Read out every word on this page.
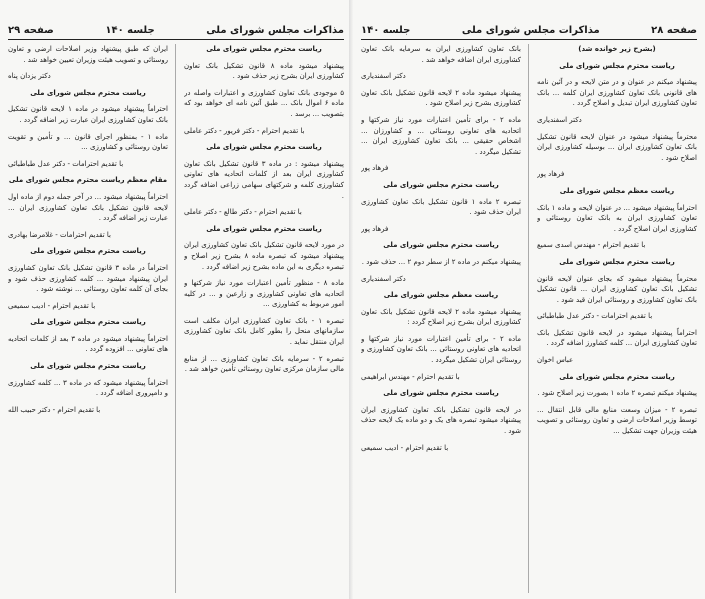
مذاکرات مجلس شورای ملی
جلسه ۱۴۰
صفحه ۲۹
ریاست محترم مجلس شورای ملی
پیشنهاد میشود ماده ۸ قانون تشکیل بانک تعاون کشاورزی ایران بشرح زیر حذف شود .
۵ موجودی بانک تعاون کشاورزی و اعتبارات واصله در ماده ۶ اموال بانک ... طبق آئین نامه ای خواهد بود که بتصویب ... برسد .
با تقدیم احترام - دکتر فریور - دکتر عاملی
ریاست محترم مجلس شورای ملی
پیشنهاد میشود : در ماده ۳ قانون تشکیل بانک تعاون کشاورزی ایران بعد از کلمات اتحادیه های تعاونی کشاورزی کلمه و شرکتهای سهامی زراعی اضافه گردد .
با تقدیم احترام - دکتر طالع - دکتر عاملی
ریاست محترم مجلس شورای ملی
در مورد لایحه قانون تشکیل بانک تعاون کشاورزی ایران پیشنهاد میشود که تبصره ماده ۸ بشرح زیر اصلاح و تبصره دیگری به این ماده بشرح زیر اضافه گردد .
ماده ۸ - منظور تأمین اعتبارات مورد نیاز شرکتها و اتحادیه های تعاونی کشاورزی و زارعین و ... در کلیه امور مربوط به کشاورزی ...
تبصره ۱ - بانک تعاون کشاورزی ایران مکلف است سازمانهای منحل را بطور کامل بانک تعاون کشاورزی ایران منتقل نماید .
تبصره ۲ - سرمایه بانک تعاون کشاورزی ... از منابع مالی سازمان مرکزی تعاون روستائی تأمین خواهد شد .
ایران که طبق پیشنهاد وزیر اصلاحات ارضی و تعاون روستائی و تصویب هیئت وزیران تعیین خواهد شد .
دکتر یزدان پناه
ریاست محترم مجلس شورای ملی
احتراماً پیشنهاد میشود در ماده ۱ لایحه قانون تشکیل بانک تعاون کشاورزی ایران عبارت زیر اضافه گردد .
ماده ۱ - بمنظور اجرای قانون ... و تأمین و تقویت تعاون روستائی و کشاورزی ...
با تقدیم احترامات - دکتر عدل طباطبائی
مقام معظم ریاست محترم مجلس شورای ملی
احتراماً پیشنهاد میشود ... در آخر جمله دوم از ماده اول لایحه قانون تشکیل بانک تعاون کشاورزی ایران ... عبارت زیر اضافه گردد .
با تقدیم احترامات - غلامرضا بهادری
ریاست محترم مجلس شورای ملی
احتراماً در ماده ۳ قانون تشکیل بانک تعاون کشاورزی ایران پیشنهاد میشود ... کلمه کشاورزی حذف شود و بجای آن کلمه تعاون روستائی ... نوشته شود .
با تقدیم احترام - ادیب سمیعی
ریاست محترم مجلس شورای ملی
احتراماً پیشنهاد میشود در ماده ۳ بعد از کلمات اتحادیه های تعاونی ... افزوده گردد .
ریاست محترم مجلس شورای ملی
احتراماً پیشنهاد میشود که در ماده ۳ ... کلمه کشاورزی و دامپروری اضافه گردد .
با تقدیم احترام - دکتر حبیب الله
صفحه ۲۸
مذاکرات مجلس شورای ملی
جلسه ۱۴۰
(بشرح زیر خوانده شد)
ریاست محترم مجلس شورای ملی
پیشنهاد میکنم در عنوان و در متن لایحه و در آئین نامه های قانونی بانک تعاون کشاورزی ایران کلمه ... بانک تعاون کشاورزی ایران تبدیل و اصلاح گردد .
دکتر اسفندیاری
محترماً پیشنهاد میشود در عنوان لایحه قانون تشکیل بانک تعاون کشاورزی ایران ... بوسیله کشاورزی ایران اصلاح شود .
فرهاد پور
ریاست معظم مجلس شورای ملی
احتراماً پیشنهاد میشود ... در عنوان لایحه و ماده ۱ بانک تعاون کشاورزی ایران به بانک تعاون روستائی و کشاورزی ایران اصلاح گردد .
با تقدیم احترام - مهندس اسدی سمیع
ریاست محترم مجلس شورای ملی
محترماً پیشنهاد میشود که بجای عنوان لایحه قانون تشکیل بانک تعاون کشاورزی ایران ... قانون تشکیل بانک تعاون کشاورزی و روستائی ایران قید شود .
با تقدیم احترامات - دکتر عدل طباطبائی
احتراماً پیشنهاد میشود در لایحه قانون تشکیل بانک تعاون کشاورزی ایران ... کلمه کشاورز اضافه گردد .
عباس اخوان
ریاست محترم مجلس شورای ملی
پیشنهاد میکنم تبصره ۲ ماده ۱ بصورت زیر اصلاح شود .
تبصره ۲ - میزان وسعت منابع مالی قابل انتقال ... توسط وزیر اصلاحات ارضی و تعاون روستائی و تصویب هیئت وزیران جهت تشکیل ...
بانک تعاون کشاورزی ایران به سرمایه بانک تعاون کشاورزی ایران اضافه خواهد شد .
دکتر اسفندیاری
پیشنهاد میشود ماده ۲ لایحه قانون تشکیل بانک تعاون کشاورزی بشرح زیر اصلاح شود .
ماده ۲ - برای تأمین اعتبارات مورد نیاز شرکتها و اتحادیه های تعاونی روستائی ... و کشاورزان ... اشخاص حقیقی ... بانک تعاون کشاورزی ایران ... تشکیل میگردد .
فرهاد پور
ریاست محترم مجلس شورای ملی
تبصره ۲ ماده ۱ قانون تشکیل بانک تعاون کشاورزی ایران حذف شود .
فرهاد پور
ریاست محترم مجلس شورای ملی
پیشنهاد میکنم در ماده ۲ از سطر دوم ۲ ... حذف شود .
دکتر اسفندیاری
ریاست معظم مجلس شورای ملی
پیشنهاد میشود ماده ۲ لایحه قانون تشکیل بانک تعاون کشاورزی ایران بشرح زیر اصلاح گردد :
ماده ۲ - برای تأمین اعتبارات مورد نیاز شرکتها و اتحادیه های تعاونی روستائی ... بانک تعاون کشاورزی و روستائی ایران تشکیل میگردد .
با تقدیم احترام - مهندس ابراهیمی
ریاست محترم مجلس شورای ملی
در لایحه قانون تشکیل بانک تعاون کشاورزی ایران پیشنهاد میشود تبصره های یک و دو ماده یک لایحه حذف شود .
با تقدیم احترام - ادیب سمیعی
